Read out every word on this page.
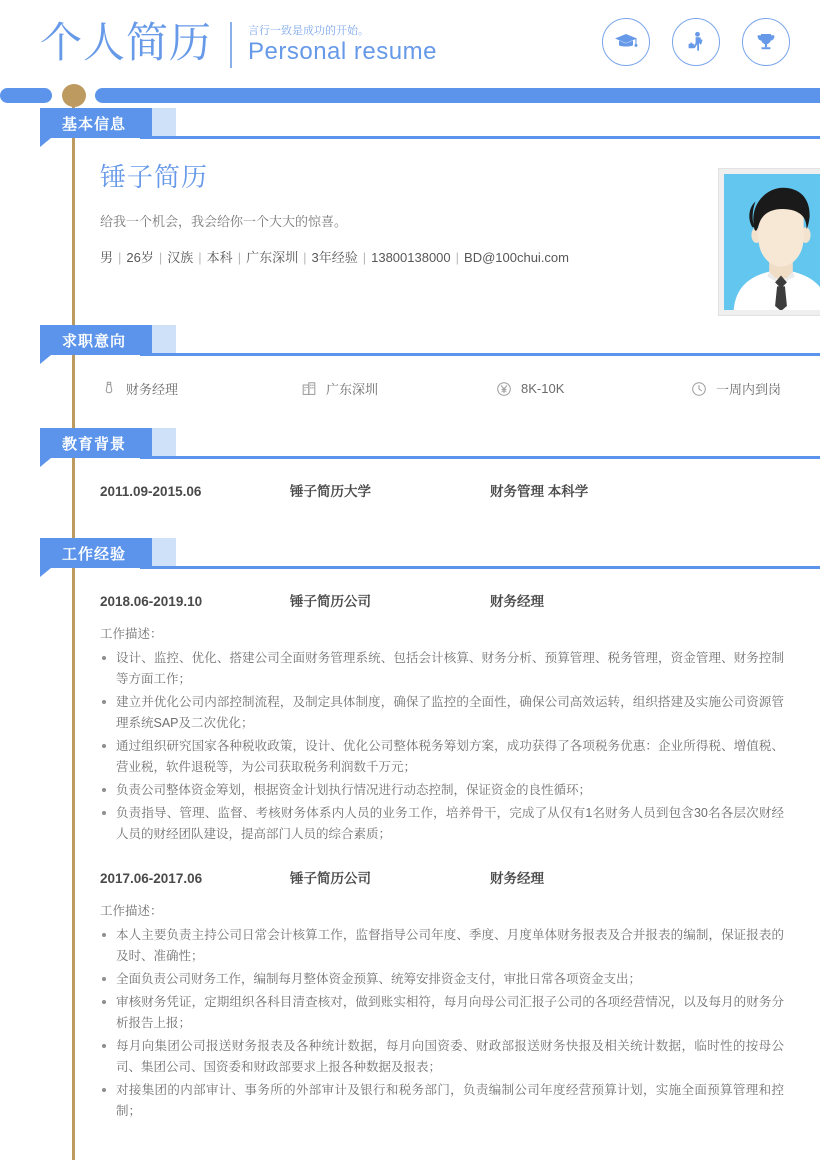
个人简历	言行一致是成功的开始。
Personal resume
基本信息
锤子简历
给我一个机会，我会给你一个大大的惊喜。
男 | 26岁 | 汉族 | 本科 | 广东深圳 | 3年经验 | 13800138000 | BD@100chui.com
求职意向
财务经理	广东深圳	8K-10K	一周内到岗
教育背景
2011.09-2015.06	锤子简历大学	财务管理 本科学
工作经验
2018.06-2019.10	锤子简历公司	财务经理
工作描述：
设计、监控、优化、搭建公司全面财务管理系统、包括会计核算、财务分析、预算管理、税务管理，资金管理、财务控制等方面工作；
建立并优化公司内部控制流程，及制定具体制度，确保了监控的全面性，确保公司高效运转，组织搭建及实施公司资源管理系统SAP及二次优化；
通过组织研究国家各种税收政策，设计、优化公司整体税务筹划方案，成功获得了各项税务优惠：企业所得税、增值税、营业税，软件退税等，为公司获取税务利润数千万元；
负责公司整体资金筹划，根据资金计划执行情况进行动态控制，保证资金的良性循环；
负责指导、管理、监督、考核财务体系内人员的业务工作，培养骨干，完成了从仅有1名财务人员到包含30名各层次财经人员的财经团队建设，提高部门人员的综合素质；
2017.06-2017.06	锤子简历公司	财务经理
工作描述：
本人主要负责主持公司日常会计核算工作，监督指导公司年度、季度、月度单体财务报表及合并报表的编制，保证报表的及时、准确性；
全面负责公司财务工作，编制每月整体资金预算、统筹安排资金支付，审批日常各项资金支出；
审核财务凭证，定期组织各科目清查核对，做到账实相符，每月向母公司汇报子公司的各项经营情况，以及每月的财务分析报告上报；
每月向集团公司报送财务报表及各种统计数据，每月向国资委、财政部报送财务快报及相关统计数据，临时性的按母公司、集团公司、国资委和财政部要求上报各种数据及报表；
对接集团的内部审计、事务所的外部审计及银行和税务部门，负责编制公司年度经营预算计划，实施全面预算管理和控制；
